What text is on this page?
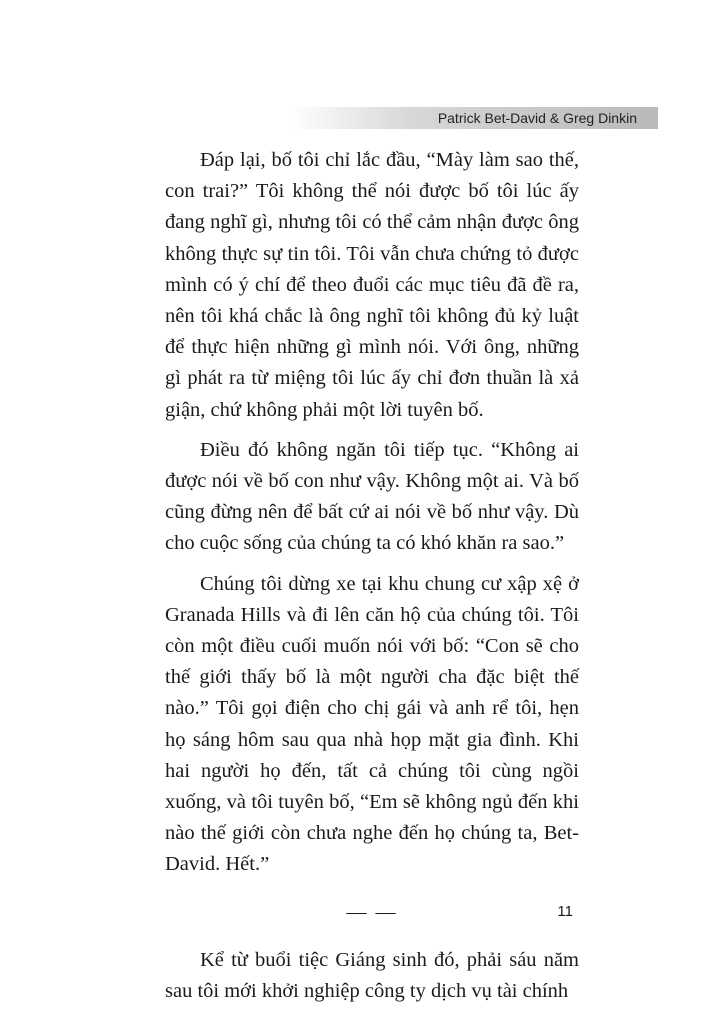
Patrick Bet-David & Greg Dinkin

Đáp lại, bố tôi chỉ lắc đầu, “Mày làm sao thế, con trai?” Tôi không thể nói được bố tôi lúc ấy đang nghĩ gì, nhưng tôi có thể cảm nhận được ông không thực sự tin tôi. Tôi vẫn chưa chứng tỏ được mình có ý chí để theo đuổi các mục tiêu đã đề ra, nên tôi khá chắc là ông nghĩ tôi không đủ kỷ luật để thực hiện những gì mình nói. Với ông, những gì phát ra từ miệng tôi lúc ấy chỉ đơn thuần là xả giận, chứ không phải một lời tuyên bố.

Điều đó không ngăn tôi tiếp tục. “Không ai được nói về bố con như vậy. Không một ai. Và bố cũng đừng nên để bất cứ ai nói về bố như vậy. Dù cho cuộc sống của chúng ta có khó khăn ra sao.”

Chúng tôi dừng xe tại khu chung cư xập xệ ở Granada Hills và đi lên căn hộ của chúng tôi. Tôi còn một điều cuối muốn nói với bố: “Con sẽ cho thế giới thấy bố là một người cha đặc biệt thế nào.” Tôi gọi điện cho chị gái và anh rể tôi, hẹn họ sáng hôm sau qua nhà họp mặt gia đình. Khi hai người họ đến, tất cả chúng tôi cùng ngồi xuống, và tôi tuyên bố, “Em sẽ không ngủ đến khi nào thế giới còn chưa nghe đến họ chúng ta, Bet-David. Hết.”

— —

Kể từ buổi tiệc Giáng sinh đó, phải sáu năm sau tôi mới khởi nghiệp công ty dịch vụ tài chính

11
